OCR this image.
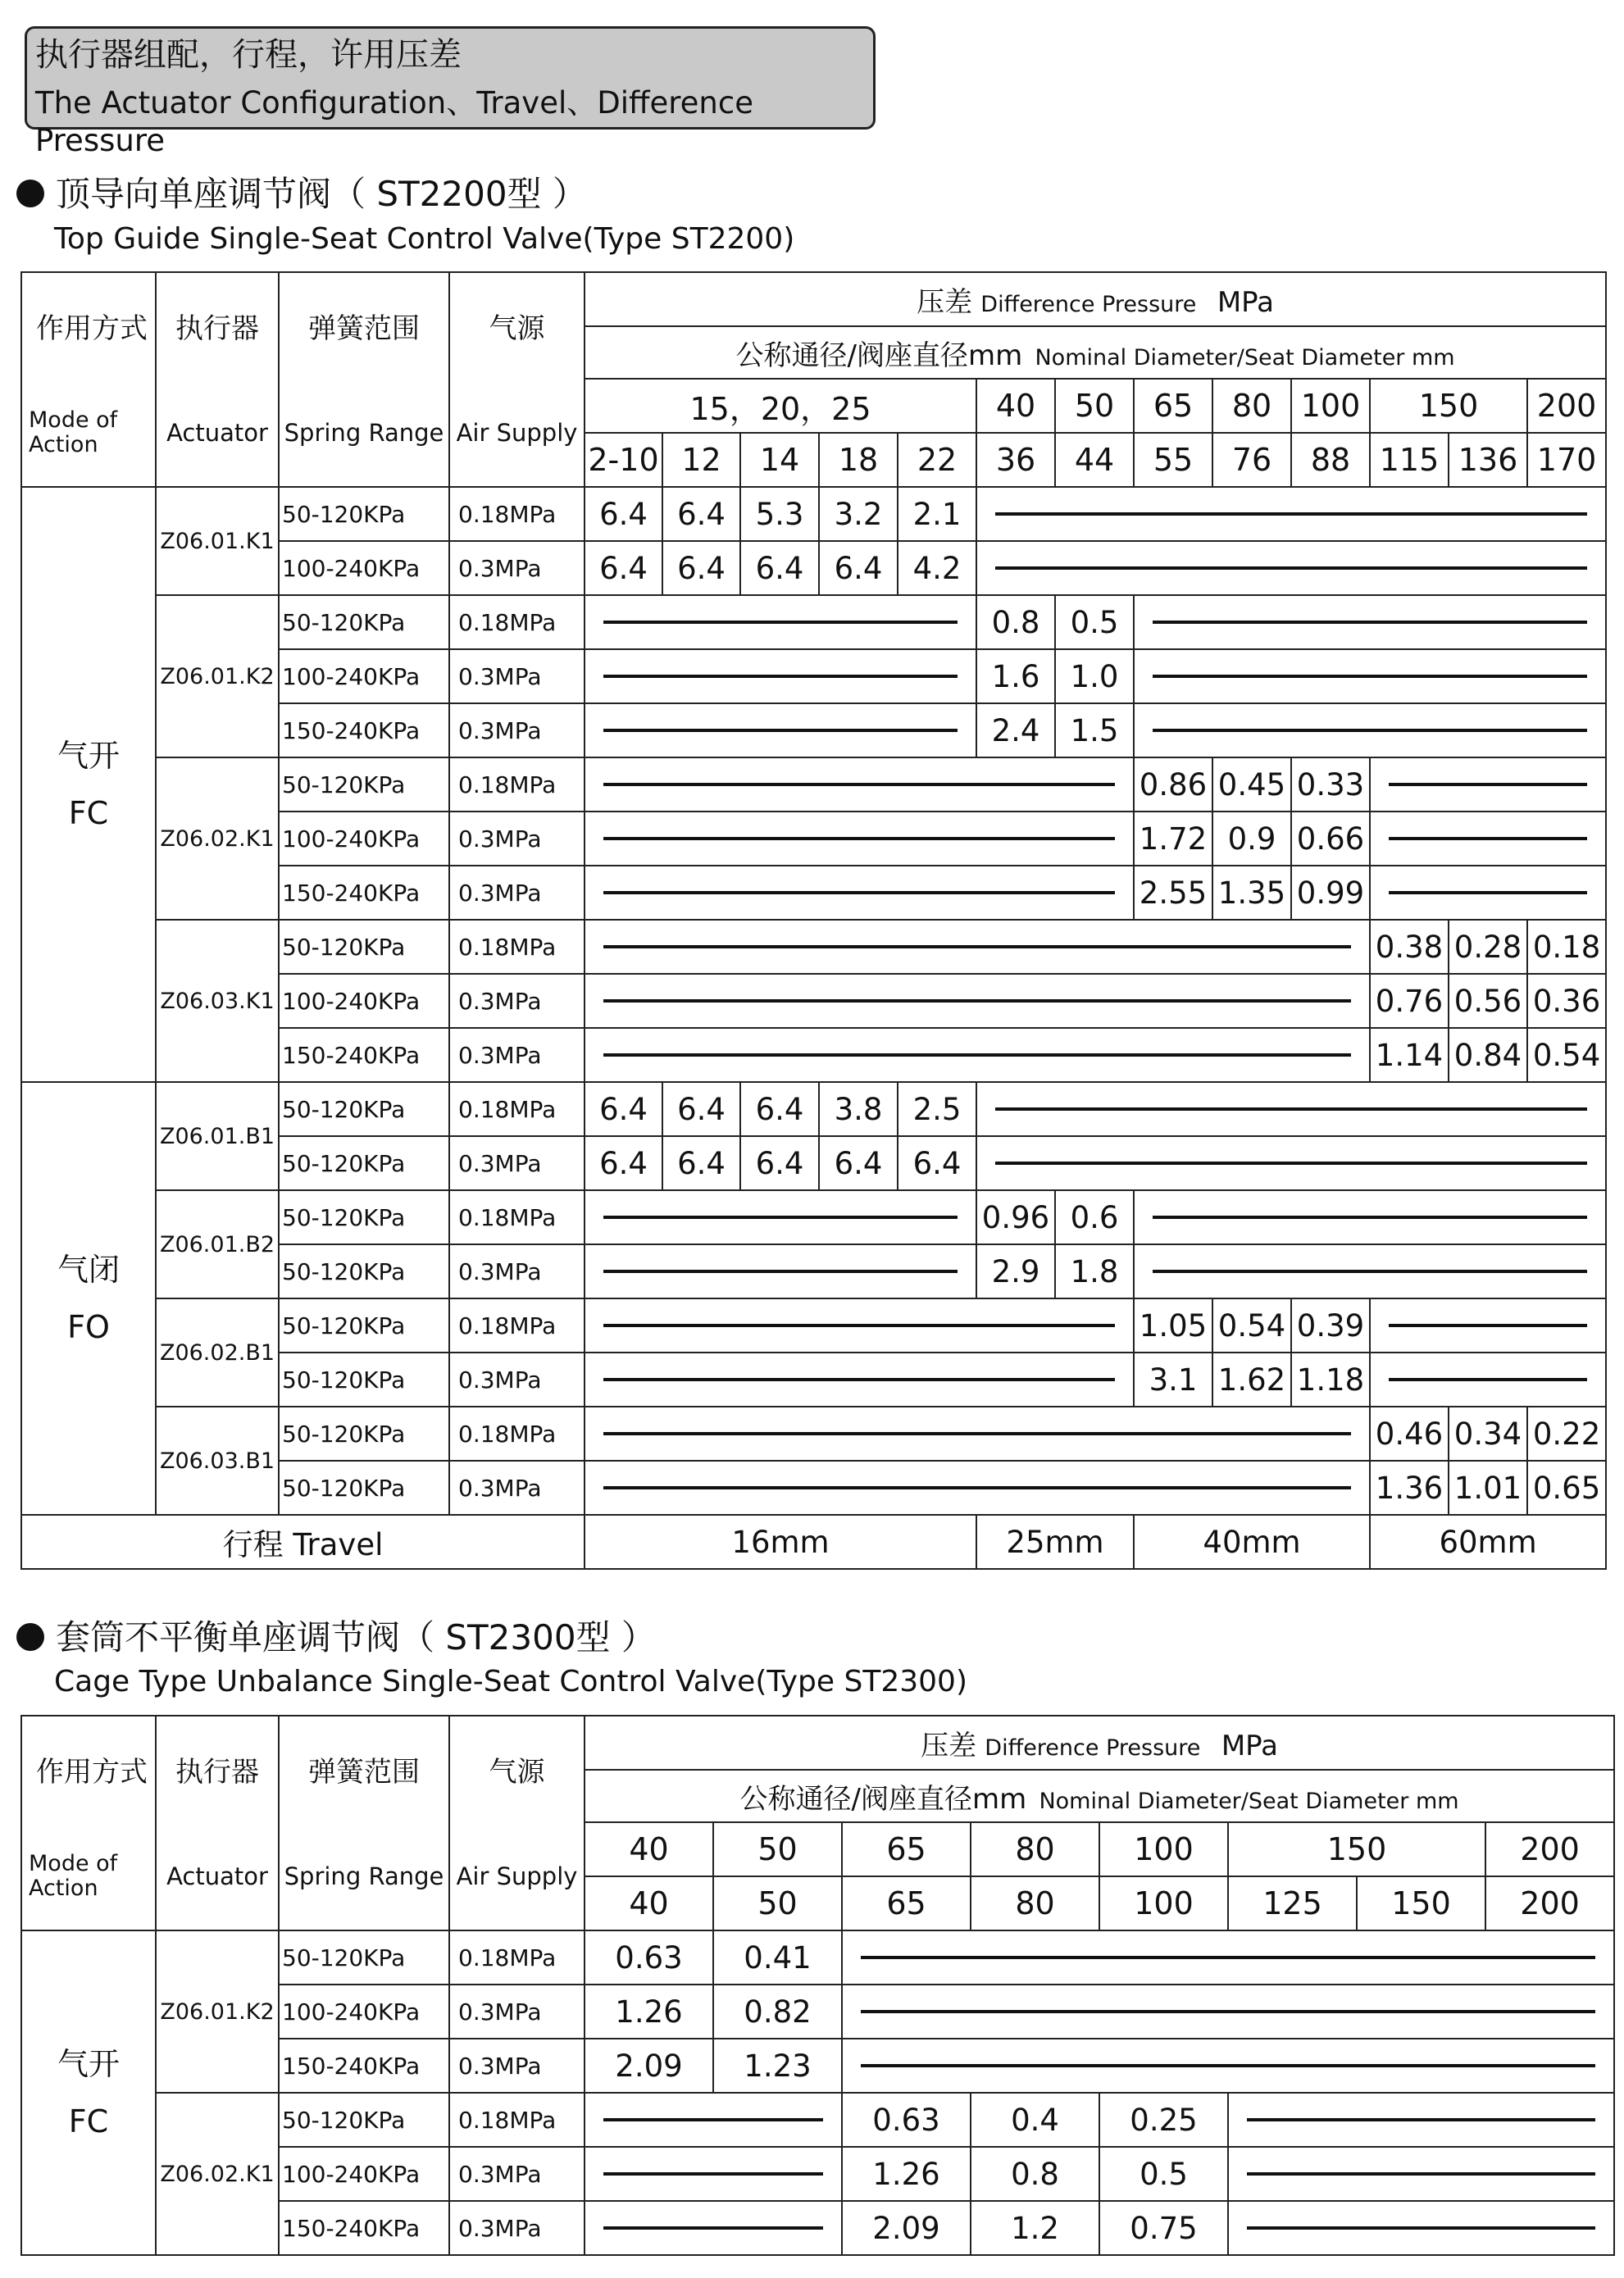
执行器组配，行程，许用压差
The Actuator Configuration、Travel、Difference Pressure
顶导向单座调节阀（ ST2200型 ）
Top Guide Single-Seat Control Valve(Type ST2200)
作用方式	执行器	弹簧范围	气源	压差 Difference Pressure MPa												
				公称通径/阀座直径mm Nominal Diameter/Seat Diameter mm												

Mode of Action	Actuator	Spring Range	Air Supply	15，20，25					40	50	65	80	100	150		200
				2-10	12	14	18	22	36	44	55	76	88	115	136	170

气开
FC	Z06.01.K1	50-120KPa	0.18MPa	6.4	6.4	5.3	3.2	2.1								
		100-240KPa	0.3MPa	6.4	6.4	6.4	6.4	4.2								
	Z06.01.K2	50-120KPa	0.18MPa						0.8	0.5						
		100-240KPa	0.3MPa						1.6	1.0						
		150-240KPa	0.3MPa						2.4	1.5						
	Z06.02.K1	50-120KPa	0.18MPa								0.86	0.45	0.33			
		100-240KPa	0.3MPa								1.72	0.9	0.66			
		150-240KPa	0.3MPa								2.55	1.35	0.99			
	Z06.03.K1	50-120KPa	0.18MPa											0.38	0.28	0.18
		100-240KPa	0.3MPa											0.76	0.56	0.36
		150-240KPa	0.3MPa											1.14	0.84	0.54

气闭
FO	Z06.01.B1	50-120KPa	0.18MPa	6.4	6.4	6.4	3.8	2.5								
		50-120KPa	0.3MPa	6.4	6.4	6.4	6.4	6.4								
	Z06.01.B2	50-120KPa	0.18MPa						0.96	0.6						
		50-120KPa	0.3MPa						2.9	1.8						
	Z06.02.B1	50-120KPa	0.18MPa								1.05	0.54	0.39			
		50-120KPa	0.3MPa								3.1	1.62	1.18			
	Z06.03.B1	50-120KPa	0.18MPa											0.46	0.34	0.22
		50-120KPa	0.3MPa											1.36	1.01	0.65
行程 Travel				16mm					25mm		40mm			60mm		
套筒不平衡单座调节阀（ ST2300型 ）
Cage Type Unbalance Single-Seat Control Valve(Type ST2300)
作用方式	执行器	弹簧范围	气源	压差 Difference Pressure MPa							
				公称通径/阀座直径mm Nominal Diameter/Seat Diameter mm							

Mode of Action	Actuator	Spring Range	Air Supply	40	50	65	80	100	150		200
				40	50	65	80	100	125	150	200

气开
FC	Z06.01.K2	50-120KPa	0.18MPa	0.63	0.41						
		100-240KPa	0.3MPa	1.26	0.82						
		150-240KPa	0.3MPa	2.09	1.23						
	Z06.02.K1	50-120KPa	0.18MPa			0.63	0.4	0.25			
		100-240KPa	0.3MPa			1.26	0.8	0.5			
		150-240KPa	0.3MPa			2.09	1.2	0.75			
